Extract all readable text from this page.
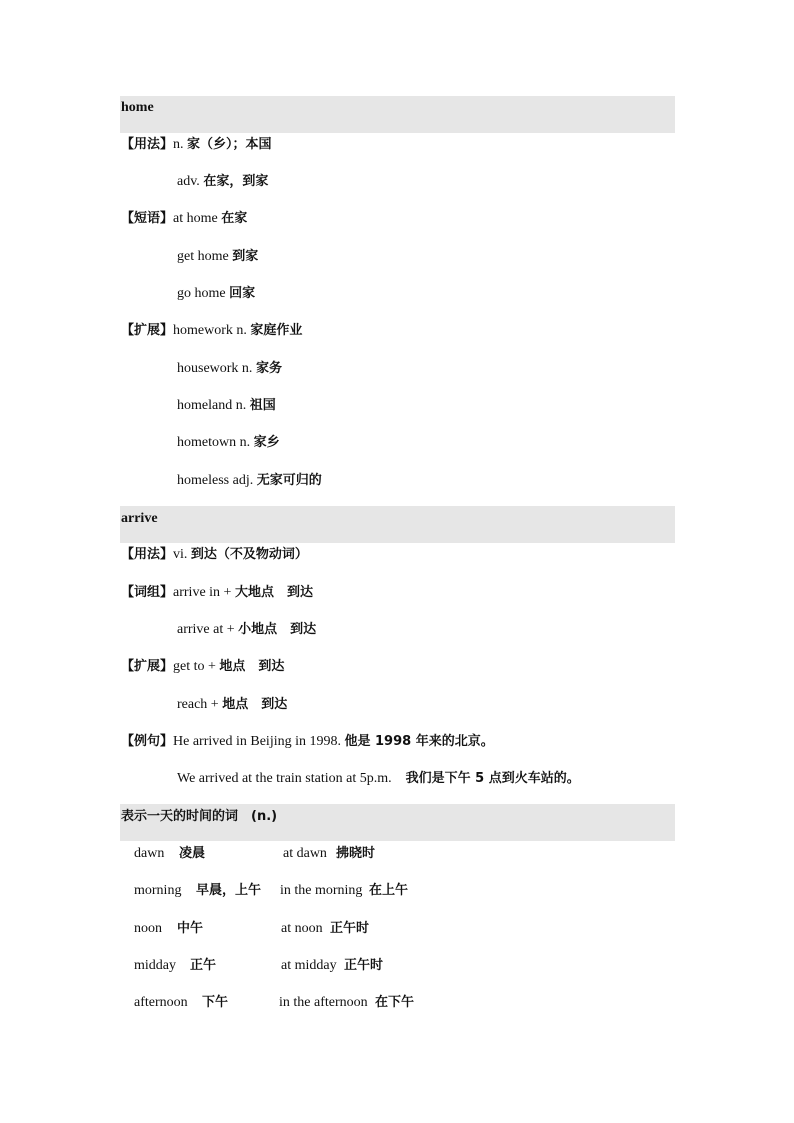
home
【用法】n. 家（乡）；本国
adv. 在家，到家
【短语】at home 在家
get home 到家
go home 回家
【扩展】homework n. 家庭作业
housework n. 家务
homeland n. 祖国
hometown n. 家乡
homeless adj. 无家可归的
arrive
【用法】vi. 到达（不及物动词）
【词组】arrive in + 大地点　到达
arrive at + 小地点　到达
【扩展】get to + 地点　到达
reach + 地点　到达
【例句】He arrived in Beijing in 1998. 他是 1998 年来的北京。
We arrived at the train station at 5p.m.　我们是下午 5 点到火车站的。
表示一天的时间的词　(n.)
dawn 凌晨	at dawn 拂晓时
morning 早晨，上午 in the morning 在上午
noon 中午	at noon 正午时
midday 正午	at midday 正午时
afternoon 下午	in the afternoon 在下午
